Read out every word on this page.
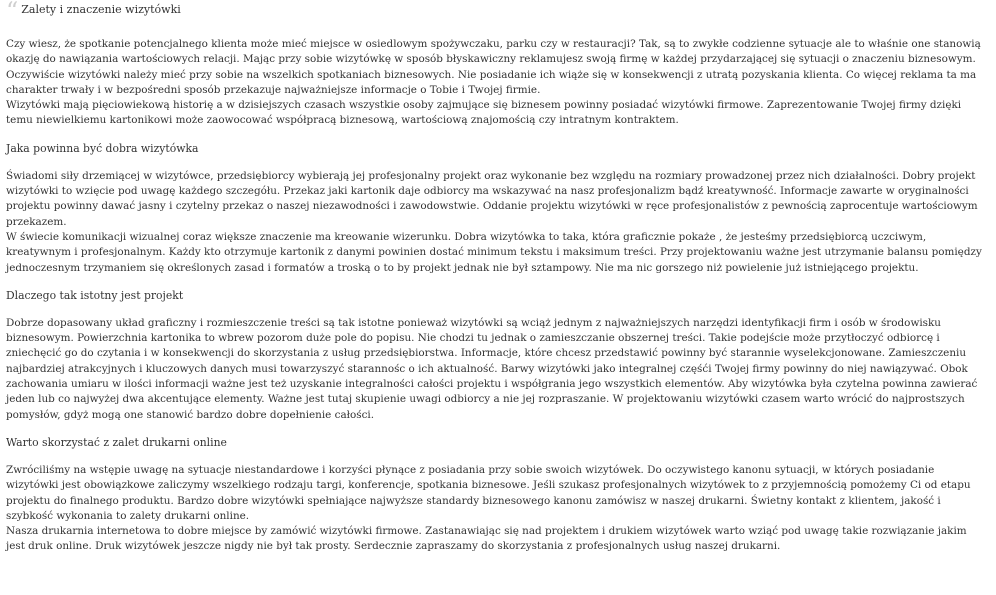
“ Zalety i znaczenie wizytówki

Czy wiesz, że spotkanie potencjalnego klienta może mieć miejsce w osiedlowym spożywczaku, parku czy w restauracji? Tak, są to zwykłe codzienne sytuacje ale to właśnie one stanowią okazję do nawiązania wartościowych relacji. Mając przy sobie wizytówkę w sposób błyskawiczny reklamujesz swoją firmę w każdej przydarzającej się sytuacji o znaczeniu biznesowym. Oczywiście wizytówki należy mieć przy sobie na wszelkich spotkaniach biznesowych. Nie posiadanie ich wiąże się w konsekwencji z utratą pozyskania klienta. Co więcej reklama ta ma charakter trwały i w bezpośredni sposób przekazuje najważniejsze informacje o Tobie i Twojej firmie.

Wizytówki mają pięciowiekową historię a w dzisiejszych czasach wszystkie osoby zajmujące się biznesem powinny posiadać wizytówki firmowe. Zaprezentowanie Twojej firmy dzięki temu niewielkiemu kartonikowi może zaowocować współpracą biznesową, wartościową znajomością czy intratnym kontraktem.

Jaka powinna być dobra wizytówka

Świadomi siły drzemiącej w wizytówce, przedsiębiorcy wybierają jej profesjonalny projekt oraz wykonanie bez względu na rozmiary prowadzonej przez nich działalności. Dobry projekt wizytówki to wzięcie pod uwagę każdego szczegółu. Przekaz jaki kartonik daje odbiorcy ma wskazywać na nasz profesjonalizm bądź kreatywność. Informacje zawarte w oryginalności projektu powinny dawać jasny i czytelny przekaz o naszej niezawodności i zawodowstwie. Oddanie projektu wizytówki w ręce profesjonalistów z pewnością zaprocentuje wartościowym przekazem.

W świecie komunikacji wizualnej coraz większe znaczenie ma kreowanie wizerunku. Dobra wizytówka to taka, która graficznie pokaże , że jesteśmy przedsiębiorcą uczciwym, kreatywnym i profesjonalnym. Każdy kto otrzymuje kartonik z danymi powinien dostać minimum tekstu i maksimum treści. Przy projektowaniu ważne jest utrzymanie balansu pomiędzy jednoczesnym trzymaniem się określonych zasad i formatów a troską o to by projekt jednak nie był sztampowy. Nie ma nic gorszego niż powielenie już istniejącego projektu.

Dlaczego tak istotny jest projekt

Dobrze dopasowany układ graficzny i rozmieszczenie treści są tak istotne ponieważ wizytówki są wciąż jednym z najważniejszych narzędzi identyfikacji firm i osób w środowisku biznesowym. Powierzchnia kartonika to wbrew pozorom duże pole do popisu. Nie chodzi tu jednak o zamieszczanie obszernej treści. Takie podejście może przytłoczyć odbiorcę i zniechęcić go do czytania i w konsekwencji do skorzystania z usług przedsiębiorstwa. Informacje, które chcesz przedstawić powinny być starannie wyselekcjonowane. Zamieszczeniu najbardziej atrakcyjnych i kluczowych danych musi towarzyszyć starannośc o ich aktualność. Barwy wizytówki jako integralnej częśći Twojej firmy powinny do niej nawiązywać. Obok zachowania umiaru w ilości informacji ważne jest też uzyskanie integralności całości projektu i współgrania jego wszystkich elementów. Aby wizytówka była czytelna powinna zawierać jeden lub co najwyżej dwa akcentujące elementy. Ważne jest tutaj skupienie uwagi odbiorcy a nie jej rozpraszanie. W projektowaniu wizytówki czasem warto wrócić do najprostszych pomysłów, gdyż mogą one stanowić bardzo dobre dopełnienie całości.

Warto skorzystać z zalet drukarni online

Zwróciliśmy na wstępie uwagę na sytuacje niestandardowe i korzyści płynące z posiadania przy sobie swoich wizytówek. Do oczywistego kanonu sytuacji, w których posiadanie wizytówki jest obowiązkowe zaliczymy wszelkiego rodzaju targi, konferencje, spotkania biznesowe. Jeśli szukasz profesjonalnych wizytówek to z przyjemnością pomożemy Ci od etapu projektu do finalnego produktu. Bardzo dobre wizytówki spełniające najwyższe standardy biznesowego kanonu zamówisz w naszej drukarni. Świetny kontakt z klientem, jakość i szybkość wykonania to zalety drukarni online.

Nasza drukarnia internetowa to dobre miejsce by zamówić wizytówki firmowe. Zastanawiając się nad projektem i drukiem wizytówek warto wziąć pod uwagę takie rozwiązanie jakim jest druk online. Druk wizytówek jeszcze nigdy nie był tak prosty. Serdecznie zapraszamy do skorzystania z profesjonalnych usług naszej drukarni.
